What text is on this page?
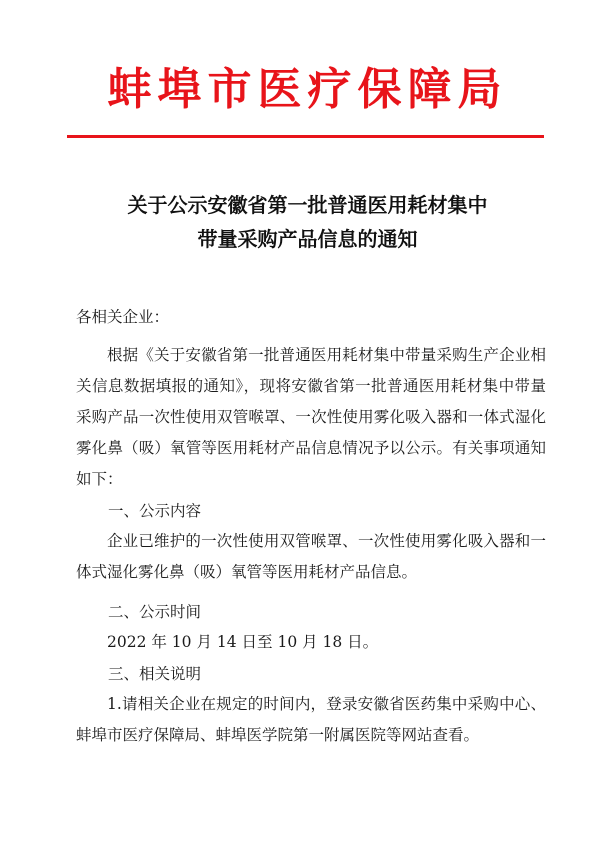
蚌埠市医疗保障局
关于公示安徽省第一批普通医用耗材集中
带量采购产品信息的通知

各相关企业：

根据《关于安徽省第一批普通医用耗材集中带量采购生产企业相关信息数据填报的通知》，现将安徽省第一批普通医用耗材集中带量采购产品一次性使用双管喉罩、一次性使用雾化吸入器和一体式湿化雾化鼻（吸）氧管等医用耗材产品信息情况予以公示。有关事项通知如下：

一、公示内容

企业已维护的一次性使用双管喉罩、一次性使用雾化吸入器和一体式湿化雾化鼻（吸）氧管等医用耗材产品信息。

二、公示时间

2022 年 10 月 14 日至 10 月 18 日。

三、相关说明

1.请相关企业在规定的时间内，登录安徽省医药集中采购中心、蚌埠市医疗保障局、蚌埠医学院第一附属医院等网站查看。
